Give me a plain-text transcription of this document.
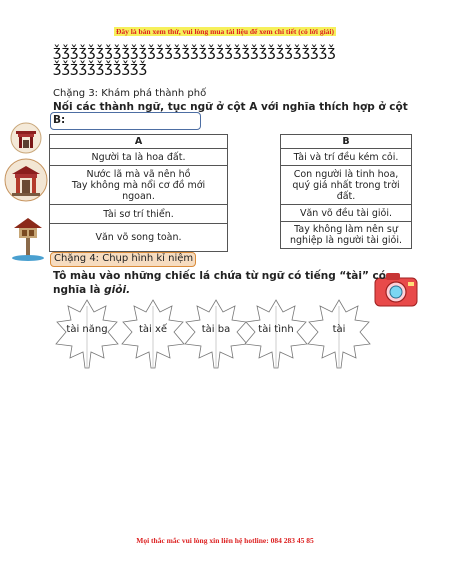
Đây là bản xem thử, vui lòng mua tài liệu để xem chi tiết (có lời giải)
ǯǯǯǯǯǯǯǯǯǯǯǯǯǯǯǯǯǯǯǯǯǯǯǯǯǯǯǯǯǯǯǯǯǯǯǯǯǯǯǯǯǯǯǯ
Chặng 3: Khám phá thành phố
Nối các thành ngữ, tục ngữ ở cột A với nghĩa thích hợp ở cột
B:
A
Người ta là hoa đất.
Nước lã mà vã nên hồ
Tay không mà nổi cơ đồ mới ngoan.
Tài sơ trí thiển.
Văn võ song toàn.
B
Tài và trí đều kém cỏi.
Con người là tinh hoa, quý giá nhất trong trời đất.
Văn võ đều tài giỏi.
Tay không làm nên sự nghiệp là người tài giỏi.
Chặng 4: Chụp hình kỉ niệm
Tô màu vào những chiếc lá chứa từ ngữ có tiếng “tài” có nghĩa là giỏi.
tài năng	tài xế	tài ba	tài tình	tài
Mọi thắc mắc vui lòng xin liên hệ hotline: 084 283 45 85
